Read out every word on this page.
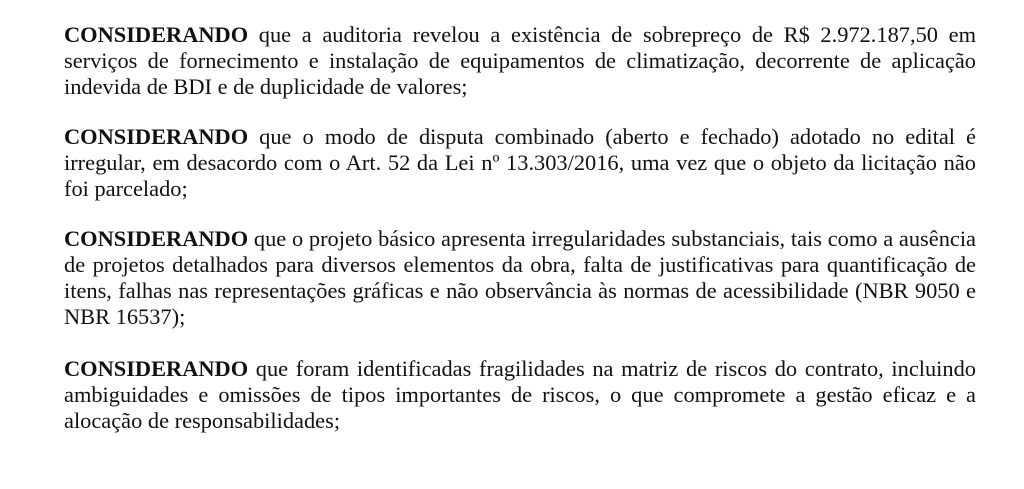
CONSIDERANDO que a auditoria revelou a existência de sobrepreço de R$ 2.972.187,50 em serviços de fornecimento e instalação de equipamentos de climatização, decorrente de aplicação indevida de BDI e de duplicidade de valores;

CONSIDERANDO que o modo de disputa combinado (aberto e fechado) adotado no edital é irregular, em desacordo com o Art. 52 da Lei nº 13.303/2016, uma vez que o objeto da licitação não foi parcelado;

CONSIDERANDO que o projeto básico apresenta irregularidades substanciais, tais como a ausência de projetos detalhados para diversos elementos da obra, falta de justificativas para quantificação de itens, falhas nas representações gráficas e não observância às normas de acessibilidade (NBR 9050 e NBR 16537);

CONSIDERANDO que foram identificadas fragilidades na matriz de riscos do contrato, incluindo ambiguidades e omissões de tipos importantes de riscos, o que compromete a gestão eficaz e a alocação de responsabilidades;
